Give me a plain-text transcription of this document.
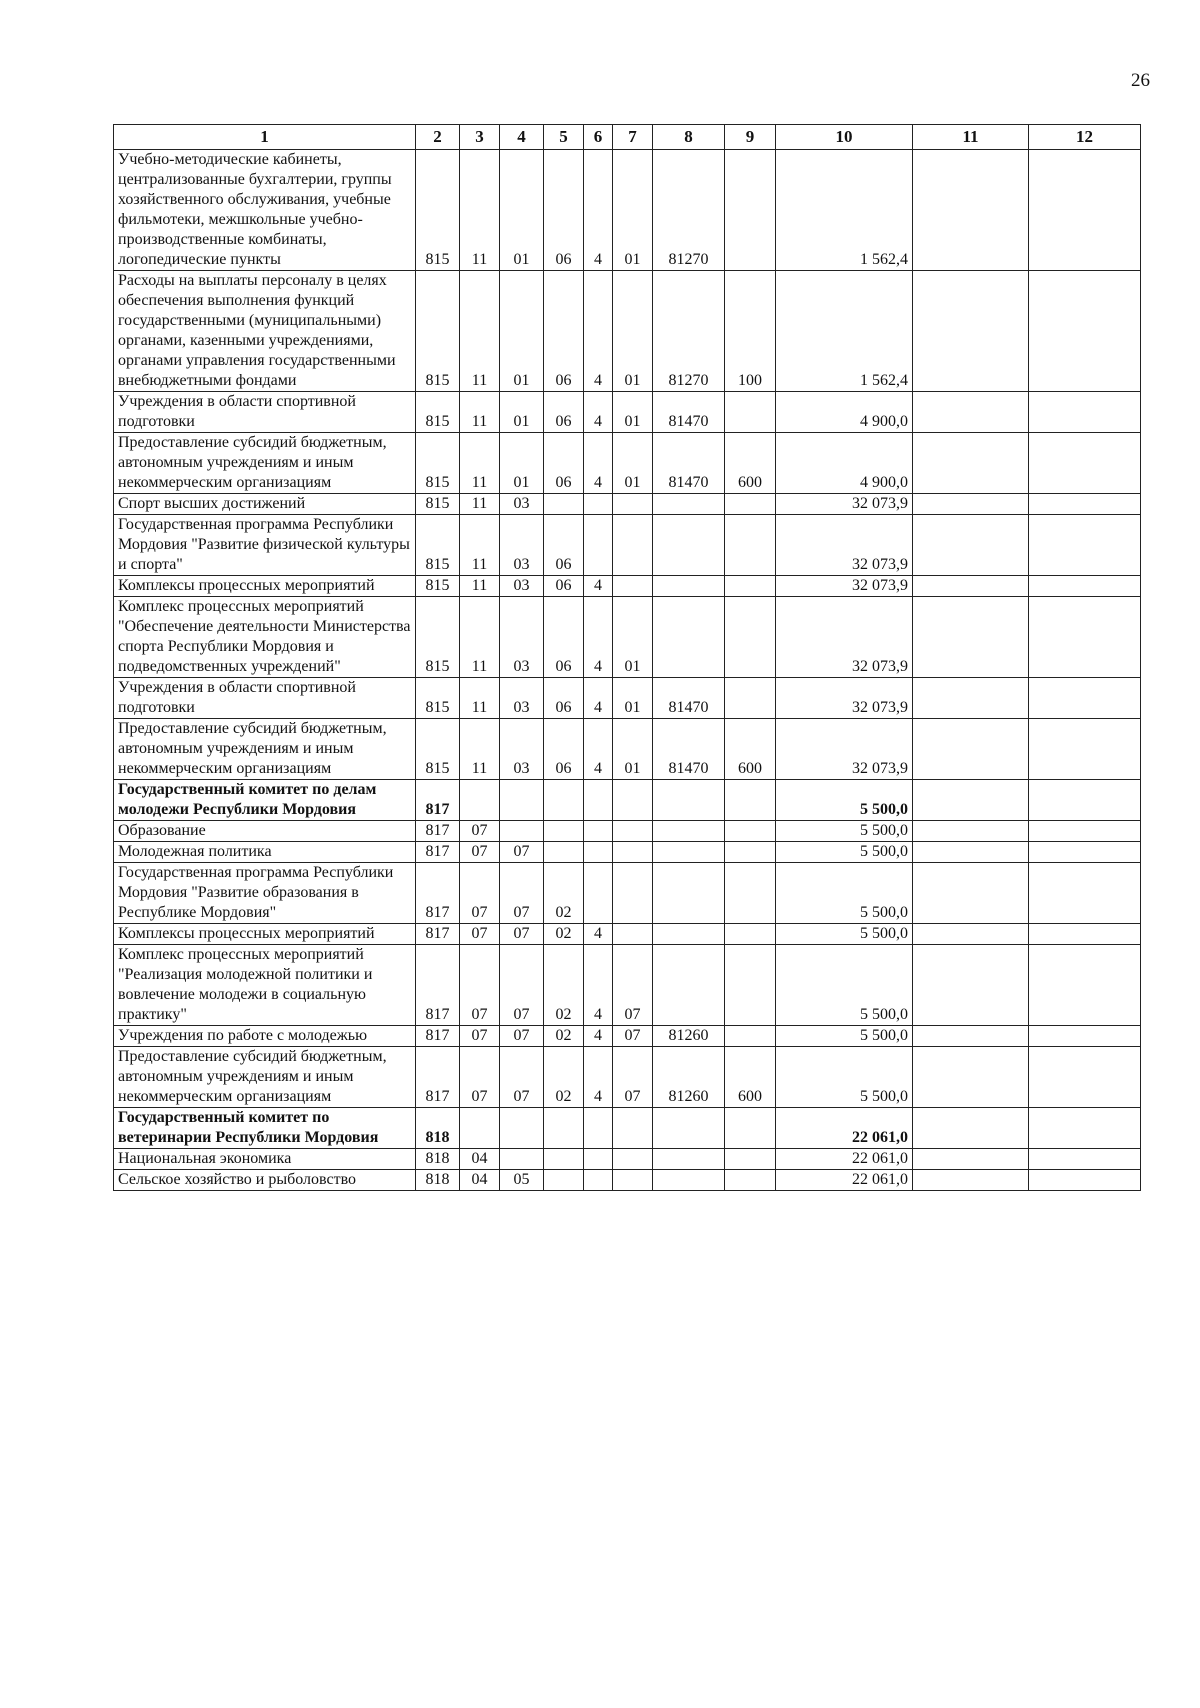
26
1	2	3	4	5	6	7	8	9	10	11	12
Учебно-методические кабинеты, централизованные бухгалтерии, группы хозяйственного обслуживания, учебные фильмотеки, межшкольные учебно-производственные комбинаты, логопедические пункты	815	11	01	06	4	01	81270		1 562,4		
Расходы на выплаты персоналу в целях обеспечения выполнения функций государственными (муниципальными) органами, казенными учреждениями, органами управления государственными внебюджетными фондами	815	11	01	06	4	01	81270	100	1 562,4		
Учреждения в области спортивной подготовки	815	11	01	06	4	01	81470		4 900,0		
Предоставление субсидий бюджетным, автономным учреждениям и иным некоммерческим организациям	815	11	01	06	4	01	81470	600	4 900,0		
Спорт высших достижений	815	11	03						32 073,9		
Государственная программа Республики Мордовия "Развитие физической культуры и спорта"	815	11	03	06					32 073,9		
Комплексы процессных мероприятий	815	11	03	06	4				32 073,9		
Комплекс процессных мероприятий "Обеспечение деятельности Министерства спорта Республики Мордовия и подведомственных учреждений"	815	11	03	06	4	01			32 073,9		
Учреждения в области спортивной подготовки	815	11	03	06	4	01	81470		32 073,9		
Предоставление субсидий бюджетным, автономным учреждениям и иным некоммерческим организациям	815	11	03	06	4	01	81470	600	32 073,9		
Государственный комитет по делам молодежи Республики Мордовия	817								5 500,0		
Образование	817	07							5 500,0		
Молодежная политика	817	07	07						5 500,0		
Государственная программа Республики Мордовия "Развитие образования в Республике Мордовия"	817	07	07	02					5 500,0		
Комплексы процессных мероприятий	817	07	07	02	4				5 500,0		
Комплекс процессных мероприятий "Реализация молодежной политики и вовлечение молодежи в социальную практику"	817	07	07	02	4	07			5 500,0		
Учреждения по работе с молодежью	817	07	07	02	4	07	81260		5 500,0		
Предоставление субсидий бюджетным, автономным учреждениям и иным некоммерческим организациям	817	07	07	02	4	07	81260	600	5 500,0		
Государственный комитет по ветеринарии Республики Мордовия	818								22 061,0		
Национальная экономика	818	04							22 061,0		
Сельское хозяйство и рыболовство	818	04	05						22 061,0		
